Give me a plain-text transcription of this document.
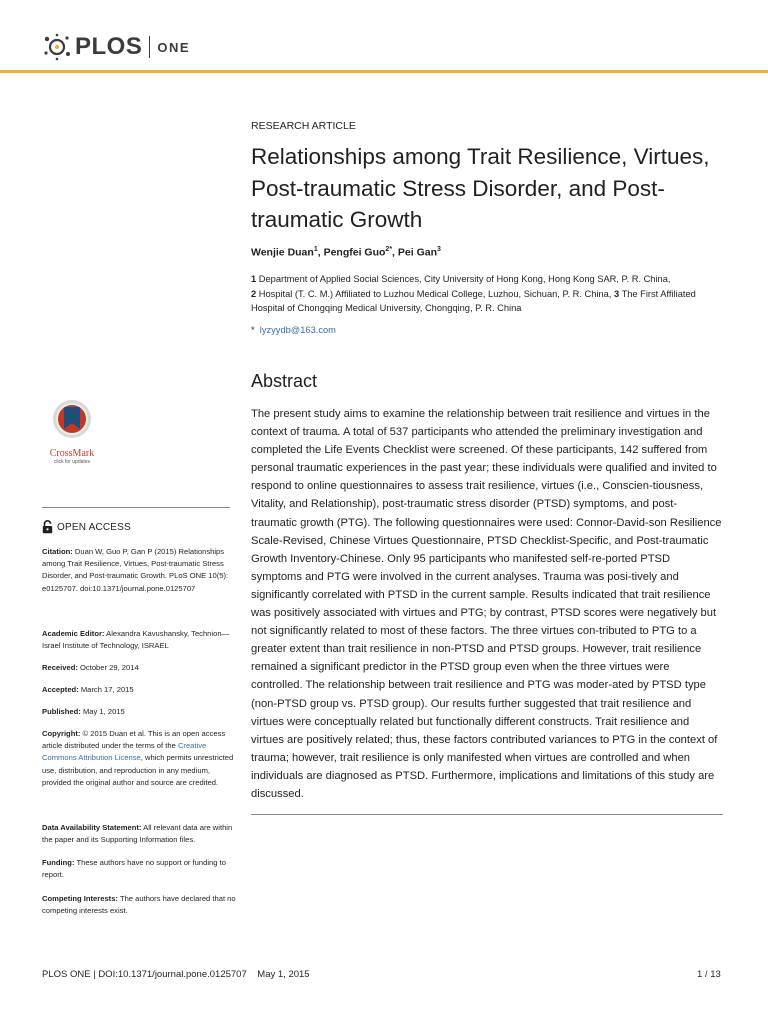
PLOS ONE
RESEARCH ARTICLE
Relationships among Trait Resilience, Virtues, Post-traumatic Stress Disorder, and Post-traumatic Growth
Wenjie Duan$^1$, Pengfei Guo$^{2*}$, Pei Gan$^3$
1 Department of Applied Social Sciences, City University of Hong Kong, Hong Kong SAR, P. R. China,
2 Hospital (T. C. M.) Affiliated to Luzhou Medical College, Luzhou, Sichuan, P. R. China, 3 The First Affiliated Hospital of Chongqing Medical University, Chongqing, P. R. China
* lyzyydb@163.com
Abstract

The present study aims to examine the relationship between trait resilience and virtues in the context of trauma. A total of 537 participants who attended the preliminary investigation and completed the Life Events Checklist were screened. Of these participants, 142 suffered from personal traumatic experiences in the past year; these individuals were qualified and invited to respond to online questionnaires to assess trait resilience, virtues (i.e., Conscien-tiousness, Vitality, and Relationship), post-traumatic stress disorder (PTSD) symptoms, and post-traumatic growth (PTG). The following questionnaires were used: Connor-David-son Resilience Scale-Revised, Chinese Virtues Questionnaire, PTSD Checklist-Specific, and Post-traumatic Growth Inventory-Chinese. Only 95 participants who manifested self-re-ported PTSD symptoms and PTG were involved in the current analyses. Trauma was posi-tively and significantly correlated with PTSD in the current sample. Results indicated that trait resilience was positively associated with virtues and PTG; by contrast, PTSD scores were negatively but not significantly related to most of these factors. The three virtues con-tributed to PTG to a greater extent than trait resilience in non-PTSD and PTSD groups. However, trait resilience remained a significant predictor in the PTSD group even when the three virtues were controlled. The relationship between trait resilience and PTG was moder-ated by PTSD type (non-PTSD group vs. PTSD group). Our results further suggested that trait resilience and virtues were conceptually related but functionally different constructs. Trait resilience and virtues are positively related; thus, these factors contributed variances to PTG in the context of trauma; however, trait resilience is only manifested when virtues are controlled and when individuals are diagnosed as PTSD. Furthermore, implications and limitations of this study are discussed.

CrossMark
click for updates
OPEN ACCESS
Citation: Duan W, Guo P, Gan P (2015) Relationships among Trait Resilience, Virtues, Post-traumatic Stress Disorder, and Post-traumatic Growth. PLoS ONE 10(5): e0125707. doi:10.1371/journal.pone.0125707
Academic Editor: Alexandra Kavushansky, Technion—Israel Institute of Technology, ISRAEL
Received: October 29, 2014
Accepted: March 17, 2015
Published: May 1, 2015
Copyright: © 2015 Duan et al. This is an open access article distributed under the terms of the Creative Commons Attribution License, which permits unrestricted use, distribution, and reproduction in any medium, provided the original author and source are credited.
Data Availability Statement: All relevant data are within the paper and its Supporting Information files.
Funding: These authors have no support or funding to report.
Competing Interests: The authors have declared that no competing interests exist.
PLOS ONE | DOI:10.1371/journal.pone.0125707    May 1, 2015	1 / 13
